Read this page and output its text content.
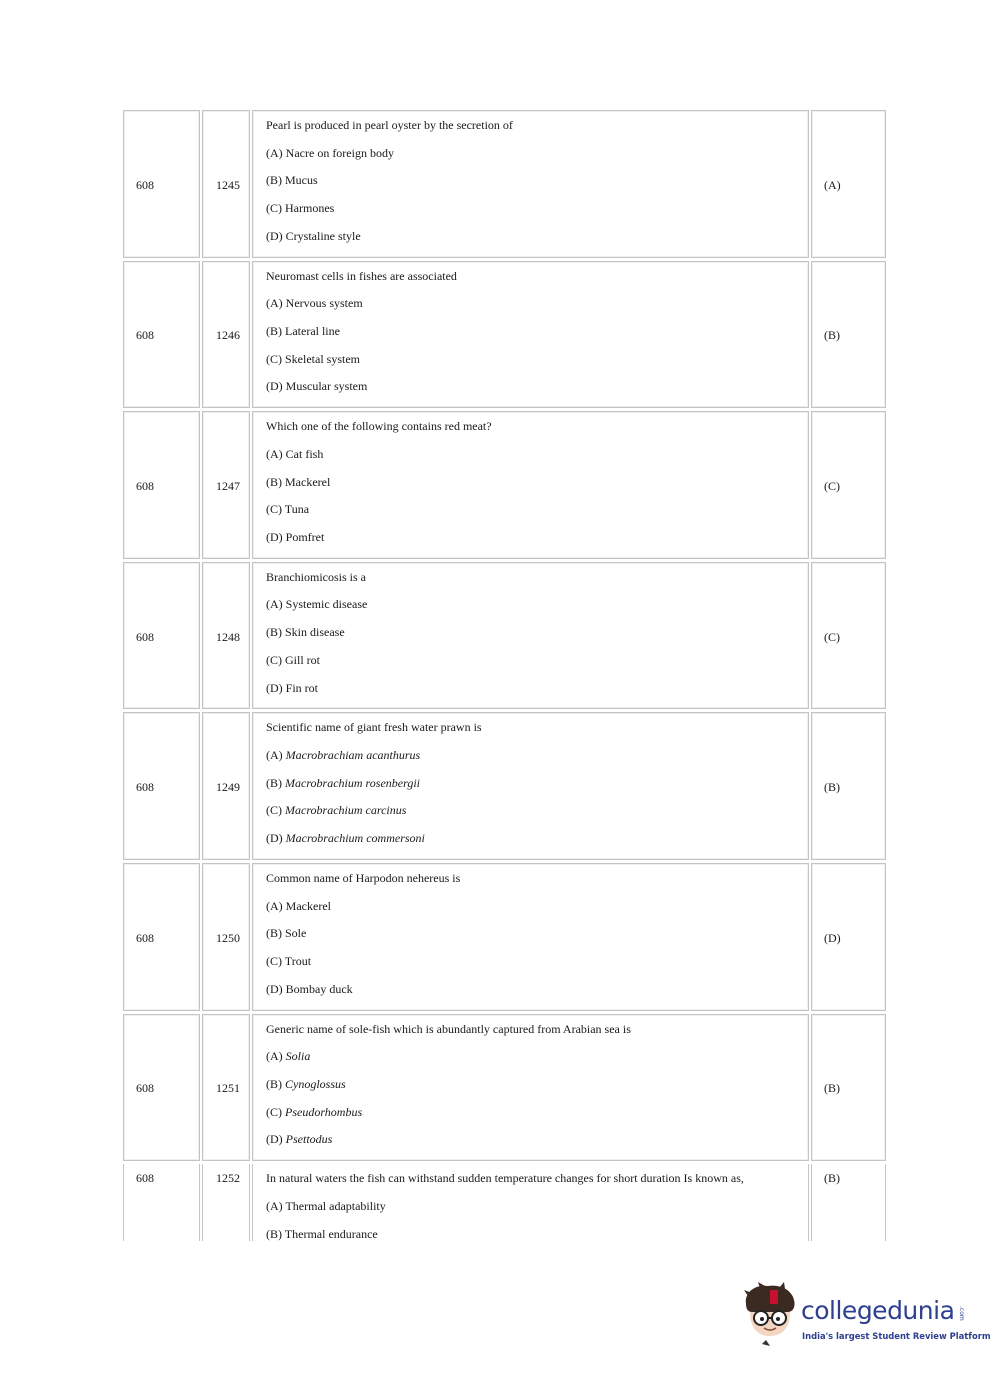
608	1245
Pearl is produced in pearl oyster by the secretion of
(A) Nacre on foreign body
(B) Mucus
(C) Harmones
(D) Crystaline style
(A)
608	1246
Neuromast cells in fishes are associated
(A) Nervous system
(B) Lateral line
(C) Skeletal system
(D) Muscular system
(B)
608	1247
Which one of the following contains red meat?
(A) Cat fish
(B) Mackerel
(C) Tuna
(D) Pomfret
(C)
608	1248
Branchiomicosis is a
(A) Systemic disease
(B) Skin disease
(C) Gill rot
(D) Fin rot
(C)
608	1249
Scientific name of giant fresh water prawn is
(A) Macrobrachiam acanthurus
(B) Macrobrachium rosenbergii
(C) Macrobrachium carcinus
(D) Macrobrachium commersoni
(B)
608	1250
Common name of Harpodon nehereus is
(A) Mackerel
(B) Sole
(C) Trout
(D) Bombay duck
(D)
608	1251
Generic name of sole-fish which is abundantly captured from Arabian sea is
(A) Solia
(B) Cynoglossus
(C) Pseudorhombus
(D) Psettodus
(B)
608	1252 In natural waters the fish can withstand sudden temperature changes for short duration Is known as,
(A) Thermal adaptability
(B) Thermal endurance
(B)
collegedunia .com
India's largest Student Review Platform
